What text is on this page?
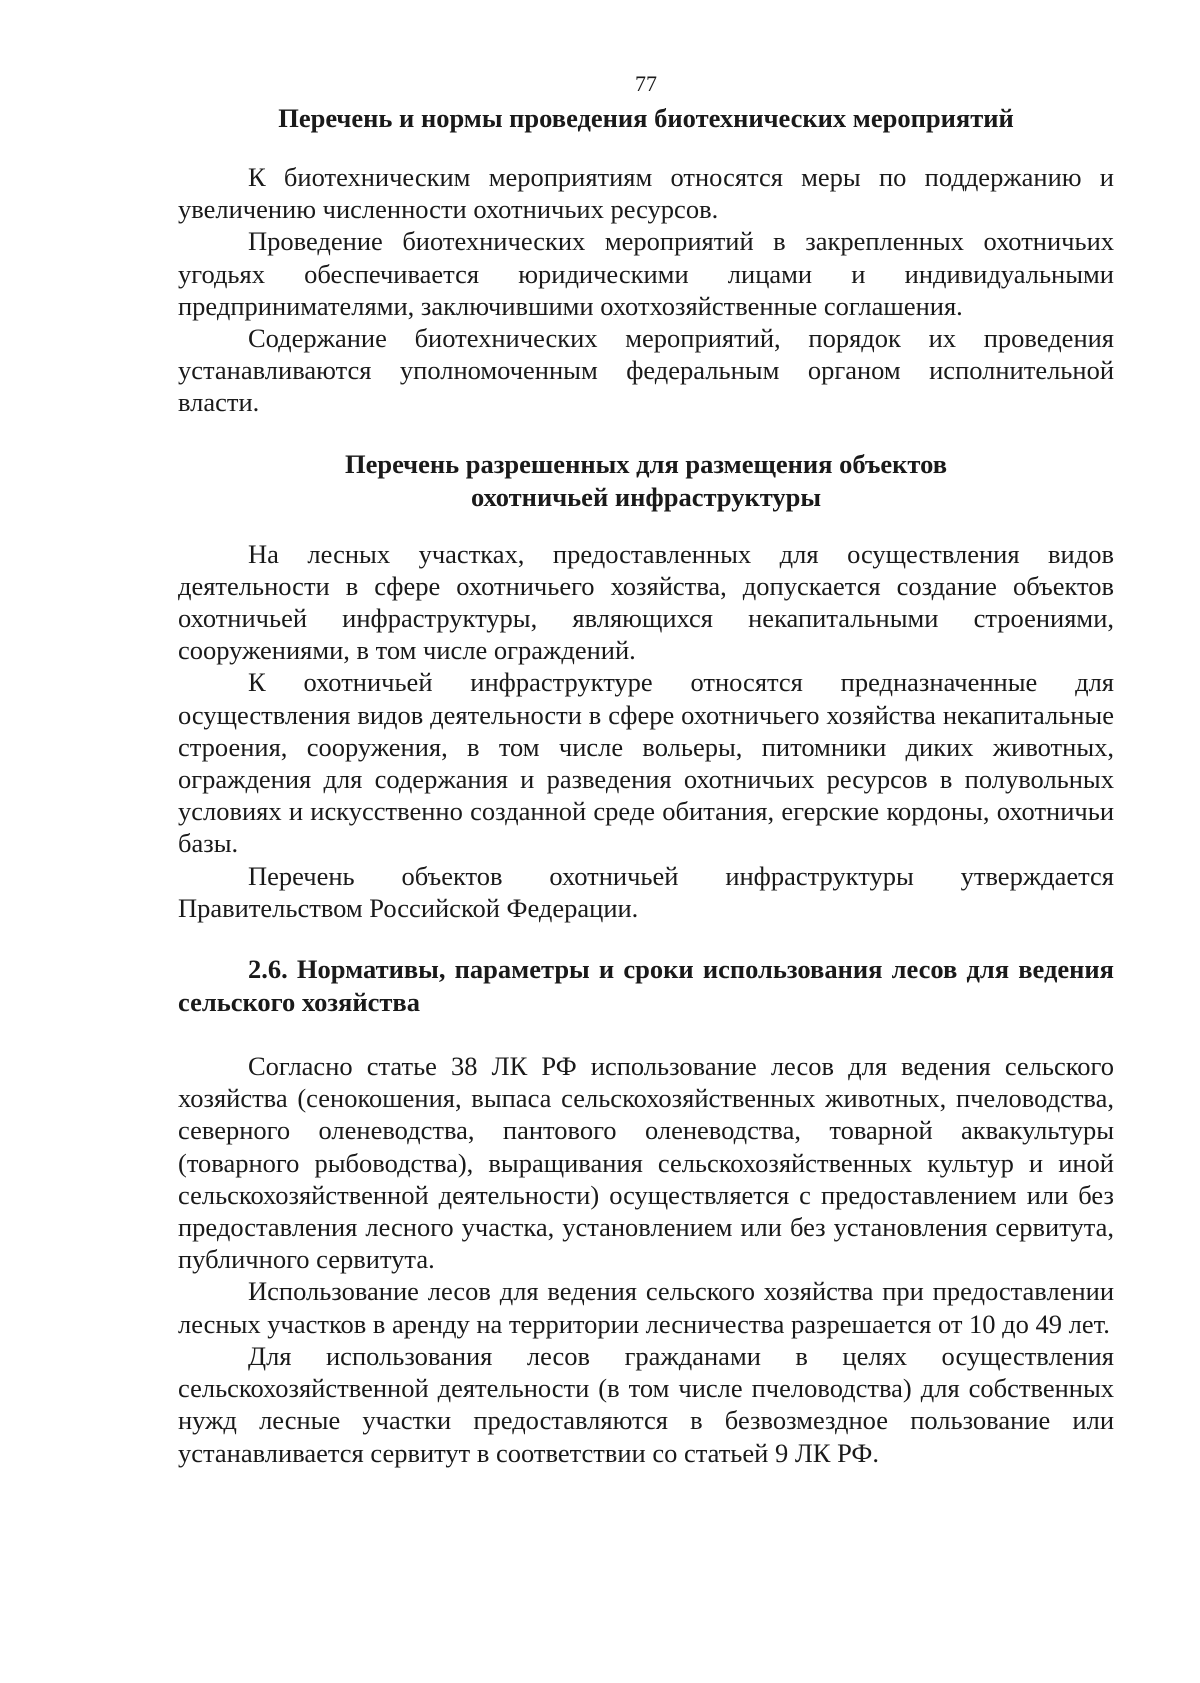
77
Перечень и нормы проведения биотехнических мероприятий

К биотехническим мероприятиям относятся меры по поддержанию и увеличению численности охотничьих ресурсов.

Проведение биотехнических мероприятий в закрепленных охотничьих угодьях обеспечивается юридическими лицами и индивидуальными предпринимателями, заключившими охотхозяйственные соглашения.

Содержание биотехнических мероприятий, порядок их проведения устанавливаются уполномоченным федеральным органом исполнительной власти.

Перечень разрешенных для размещения объектов
охотничьей инфраструктуры

На лесных участках, предоставленных для осуществления видов деятельности в сфере охотничьего хозяйства, допускается создание объектов охотничьей инфраструктуры, являющихся некапитальными строениями, сооружениями, в том числе ограждений.

К охотничьей инфраструктуре относятся предназначенные для осуществления видов деятельности в сфере охотничьего хозяйства некапитальные строения, сооружения, в том числе вольеры, питомники диких животных, ограждения для содержания и разведения охотничьих ресурсов в полувольных условиях и искусственно созданной среде обитания, егерские кордоны, охотничьи базы.

Перечень объектов охотничьей инфраструктуры утверждается Правительством Российской Федерации.

2.6. Нормативы, параметры и сроки использования лесов для ведения сельского хозяйства

Согласно статье 38 ЛК РФ использование лесов для ведения сельского хозяйства (сенокошения, выпаса сельскохозяйственных животных, пчеловодства, северного оленеводства, пантового оленеводства, товарной аквакультуры (товарного рыбоводства), выращивания сельскохозяйственных культур и иной сельскохозяйственной деятельности) осуществляется с предоставлением или без предоставления лесного участка, установлением или без установления сервитута, публичного сервитута.

Использование лесов для ведения сельского хозяйства при предоставлении лесных участков в аренду на территории лесничества разрешается от 10 до 49 лет.

Для использования лесов гражданами в целях осуществления сельскохозяйственной деятельности (в том числе пчеловодства) для собственных нужд лесные участки предоставляются в безвозмездное пользование или устанавливается сервитут в соответствии со статьей 9 ЛК РФ.
